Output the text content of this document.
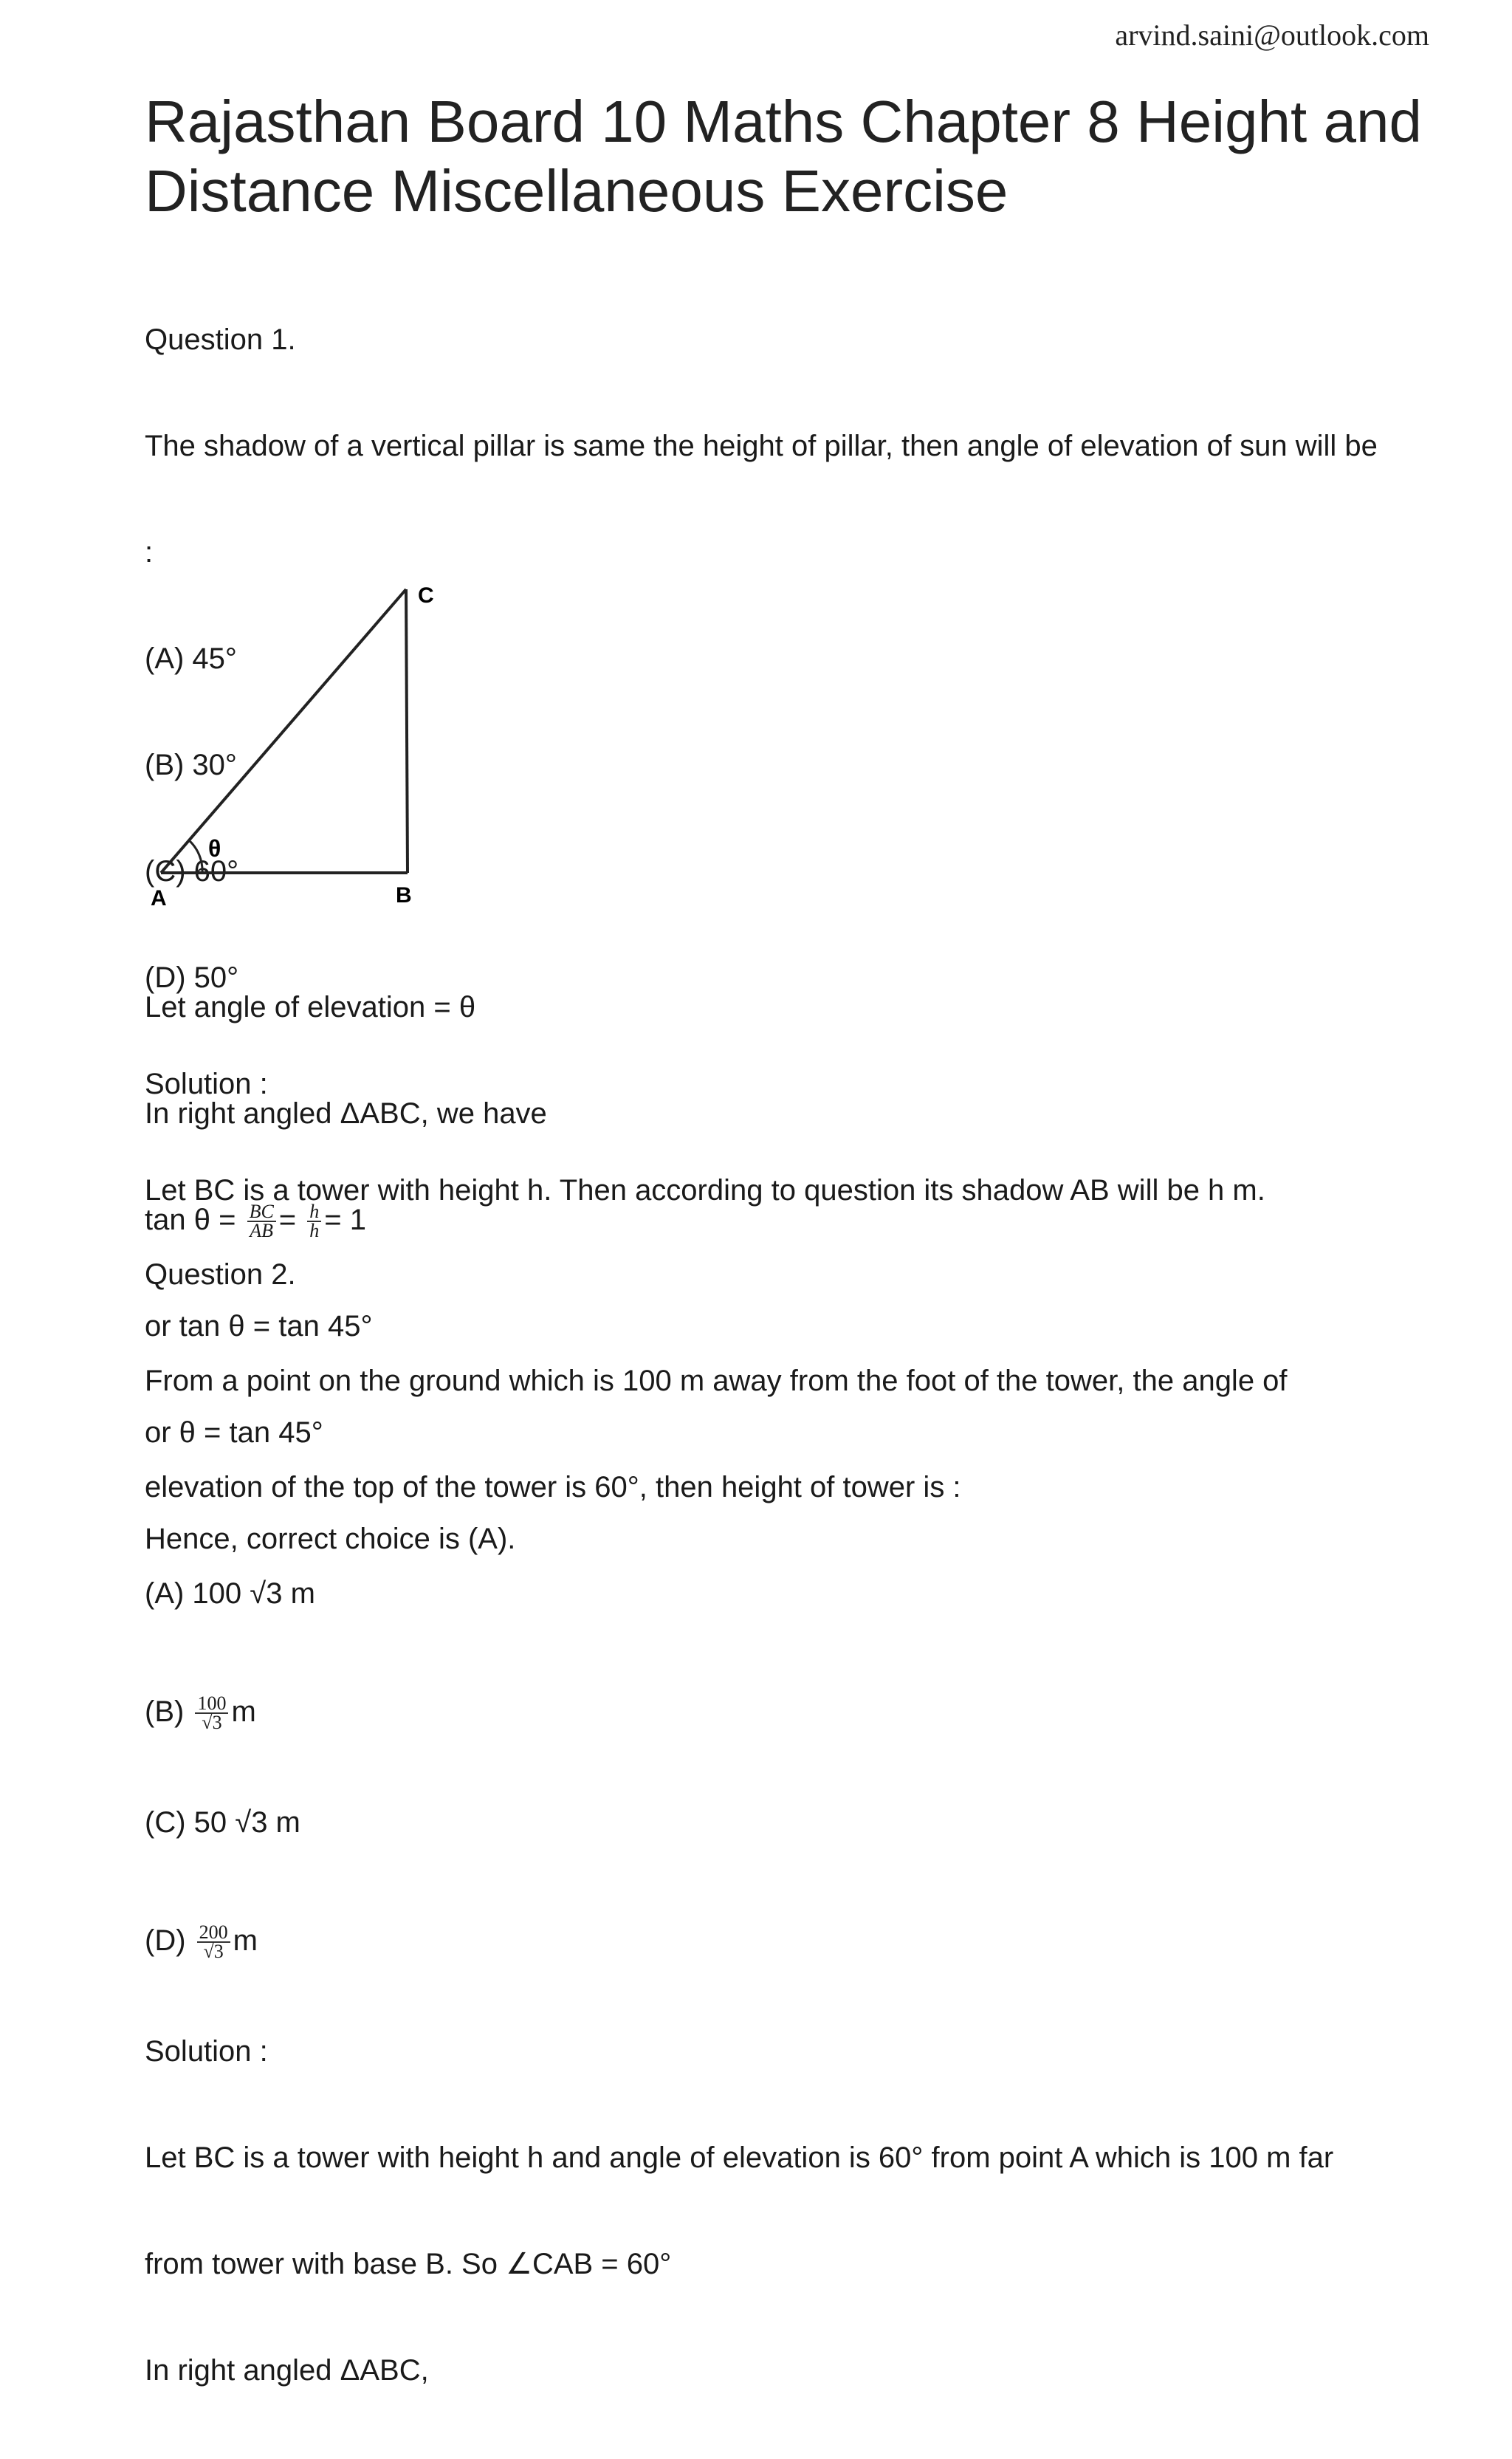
arvind.saini@outlook.com
Rajasthan Board 10 Maths Chapter 8 Height and
Distance Miscellaneous Exercise

Question 1.

The shadow of a vertical pillar is same the height of pillar, then angle of elevation of sun will be

:

(A) 45°

(B) 30°

(C) 60°

(D) 50°

Solution :

Let BC is a tower with height h. Then according to question its shadow AB will be h m.

θ
A	B
C

Let angle of elevation = θ

In right angled ΔABC, we have

$\tan \theta = \frac{BC}{AB} = \frac{h}{h} = 1$

or tan θ = tan 45°

or θ = tan 45°

Hence, correct choice is (A).

Question 2.

From a point on the ground which is 100 m away from the foot of the tower, the angle of

elevation of the top of the tower is 60°, then height of tower is :

(A) 100 √3 m

$(B) \frac{100}{√3}$ m

(C) 50 √3 m

$(D) \frac{200}{√3}$ m

Solution :

Let BC is a tower with height h and angle of elevation is 60° from point A which is 100 m far

from tower with base B. So ∠CAB = 60°

In right angled ΔABC,
